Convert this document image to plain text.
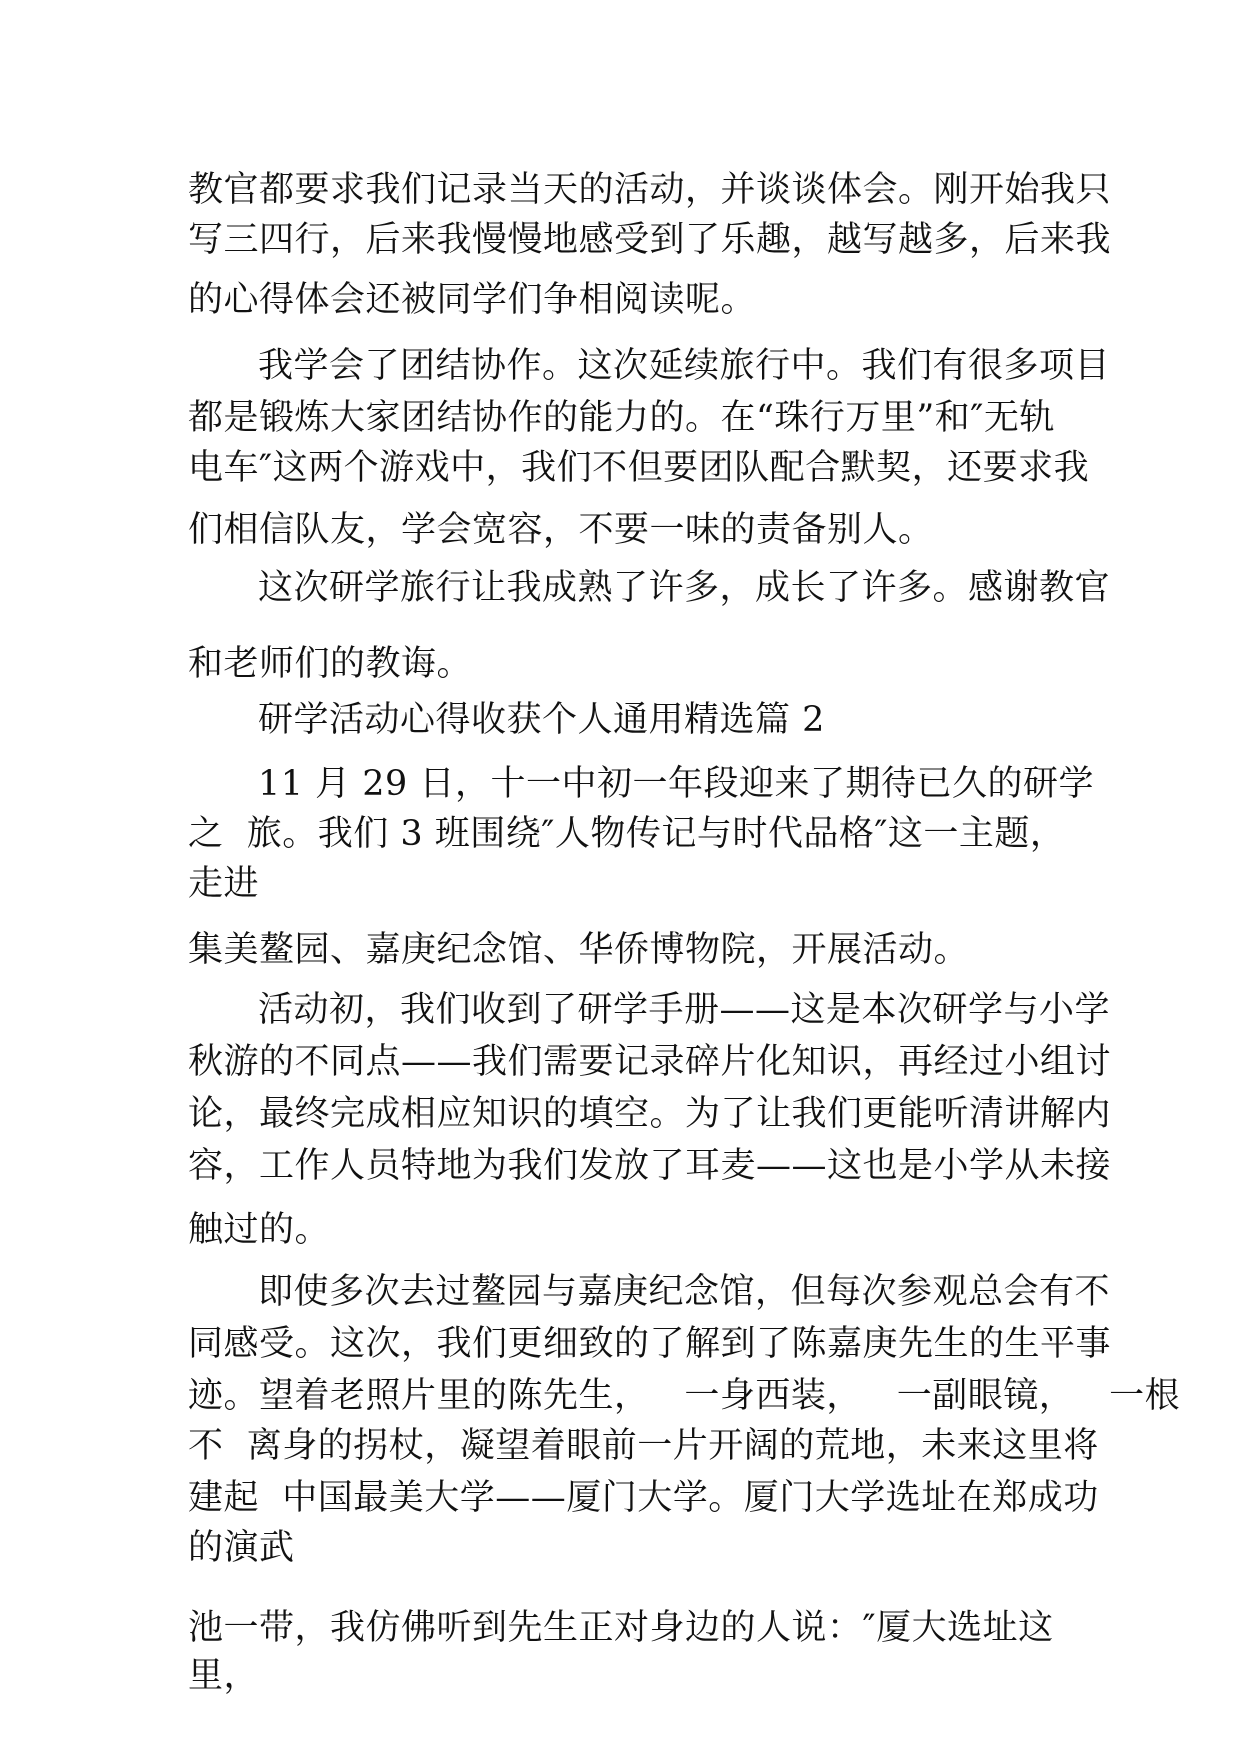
教官都要求我们记录当天的活动，并谈谈体会。刚开始我只

写三四行，后来我慢慢地感受到了乐趣，越写越多，后来我

的心得体会还被同学们争相阅读呢。

我学会了团结协作。这次延续旅行中。我们有很多项目

都是锻炼大家团结协作的能力的。在“珠行万里”和″无轨

电车″这两个游戏中，我们不但要团队配合默契，还要求我

们相信队友，学会宽容，不要一味的责备别人。

这次研学旅行让我成熟了许多，成长了许多。感谢教官

和老师们的教诲。

研学活动心得收获个人通用精选篇 2

11 月 29 日，十一中初一年段迎来了期待已久的研学

之  旅。我们 3 班围绕″人物传记与时代品格″这一主题，

走进

集美鳌园、嘉庚纪念馆、华侨博物院，开展活动。

活动初，我们收到了研学手册——这是本次研学与小学

秋游的不同点——我们需要记录碎片化知识，再经过小组讨

论，最终完成相应知识的填空。为了让我们更能听清讲解内

容，工作人员特地为我们发放了耳麦——这也是小学从未接

触过的。

即使多次去过鳌园与嘉庚纪念馆，但每次参观总会有不

同感受。这次，我们更细致的了解到了陈嘉庚先生的生平事

迹。望着老照片里的陈先生，   一身西装，   一副眼镜，   一根

不  离身的拐杖，凝望着眼前一片开阔的荒地，未来这里将

建起  中国最美大学——厦门大学。厦门大学选址在郑成功

的演武

池一带，我仿佛听到先生正对身边的人说：″厦大选址这

里，
